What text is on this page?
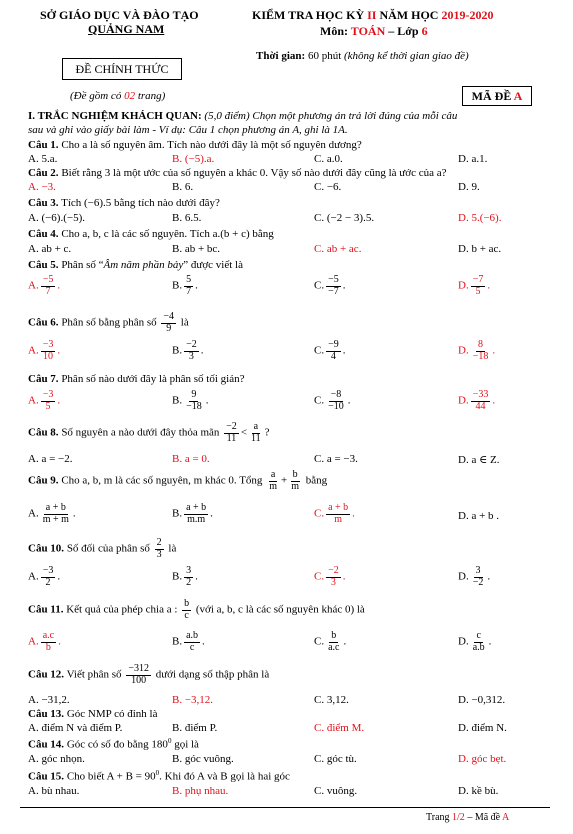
SỞ GIÁO DỤC VÀ ĐÀO TẠO
QUẢNG NAM
ĐỀ CHÍNH THỨC
(Đề gồm có 02 trang)
KIỂM TRA HỌC KỲ II NĂM HỌC 2019-2020
Môn: TOÁN – Lớp 6
Thời gian: 60 phút (không kể thời gian giao đề)
MÃ ĐỀ A
I. TRẮC NGHIỆM KHÁCH QUAN: (5,0 điểm) Chọn một phương án trả lời đúng của mỗi câu
sau và ghi vào giấy bài làm - Ví dụ: Câu 1 chọn phương án A, ghi là 1A.
Câu 1. Cho a là số nguyên âm. Tích nào dưới đây là một số nguyên dương?
A. 5.a.	B. (−5).a.	C. a.0.	D. a.1.
Câu 2. Biết rằng 3 là một ước của số nguyên a khác 0. Vậy số nào dưới đây cũng là ước của a?
A. −3.	B. 6.	C. −6.	D. 9.
Câu 3. Tích (−6).5 bằng tích nào dưới đây?
A. (−6).(−5).	B. 6.5.	C. (−2 − 3).5.	D. 5.(−6).
Câu 4. Cho a, b, c là các số nguyên. Tích a.(b + c) bằng
A. ab + c.	B. ab + bc.	C. ab + ac.	D. b + ac.
Câu 5. Phân số “Âm năm phần bảy” được viết là
A. $\frac{-5}{7}$ .	B. $\frac{5}{7}$ .	C. $\frac{-5}{-7}$ .	D. $\frac{-7}{5}$ .
Câu 6. Phân số bằng phân số $\frac{-4}{9}$ là
A. $\frac{-3}{10}$ .	B. $\frac{-2}{3}$ .	C. $\frac{-9}{4}$ .	D. $\frac{8}{-18}$ .
Câu 7. Phân số nào dưới đây là phân số tối giản?
A. $\frac{-3}{5}$ .	B. $\frac{9}{-18}$ .	C. $\frac{-8}{-10}$ .	D. $\frac{-33}{44}$ .
Câu 8. Số nguyên a nào dưới đây thỏa mãn $\frac{-2}{11} < \frac{a}{11}$ ?
A. a = −2.	B. a = 0.	C. a = −3.	D. a ∈ Z.
Câu 9. Cho a, b, m là các số nguyên, m khác 0. Tổng $\frac{a}{m} + \frac{b}{m}$ bằng
A. $\frac{a + b}{m + m}$ .	B. $\frac{a + b}{m.m}$ .	C. $\frac{a + b}{m}$ .	D. a + b .
Câu 10. Số đối của phân số $\frac{2}{3}$ là
A. $\frac{-3}{2}$ .	B. $\frac{3}{2}$ .	C. $\frac{-2}{3}$ .	D. $\frac{3}{-2}$ .
Câu 11. Kết quả của phép chia a : $\frac{b}{c}$ (với a, b, c là các số nguyên khác 0) là
A. $\frac{a.c}{b}$ .	B. $\frac{a.b}{c}$ .	C. $\frac{b}{a.c}$ .	D. $\frac{c}{a.b}$ .
Câu 12. Viết phân số $\frac{-312}{100}$ dưới dạng số thập phân là
A. −31,2.	B. −3,12.	C. 3,12.	D. −0,312.
Câu 13. Góc NMP có đỉnh là
A. điểm N và điểm P.	B. điểm P.	C. điểm M.	D. điểm N.
Câu 14. Góc có số đo bằng $180^0$ gọi là
A. góc nhọn.	B. góc vuông.	C. góc tù.	D. góc bẹt.
Câu 15. Cho biết $A + B = 90^0$. Khi đó A và B gọi là hai góc
A. bù nhau.	B. phụ nhau.	C. vuông.	D. kề bù.
Trang 1/2 – Mã đề A
